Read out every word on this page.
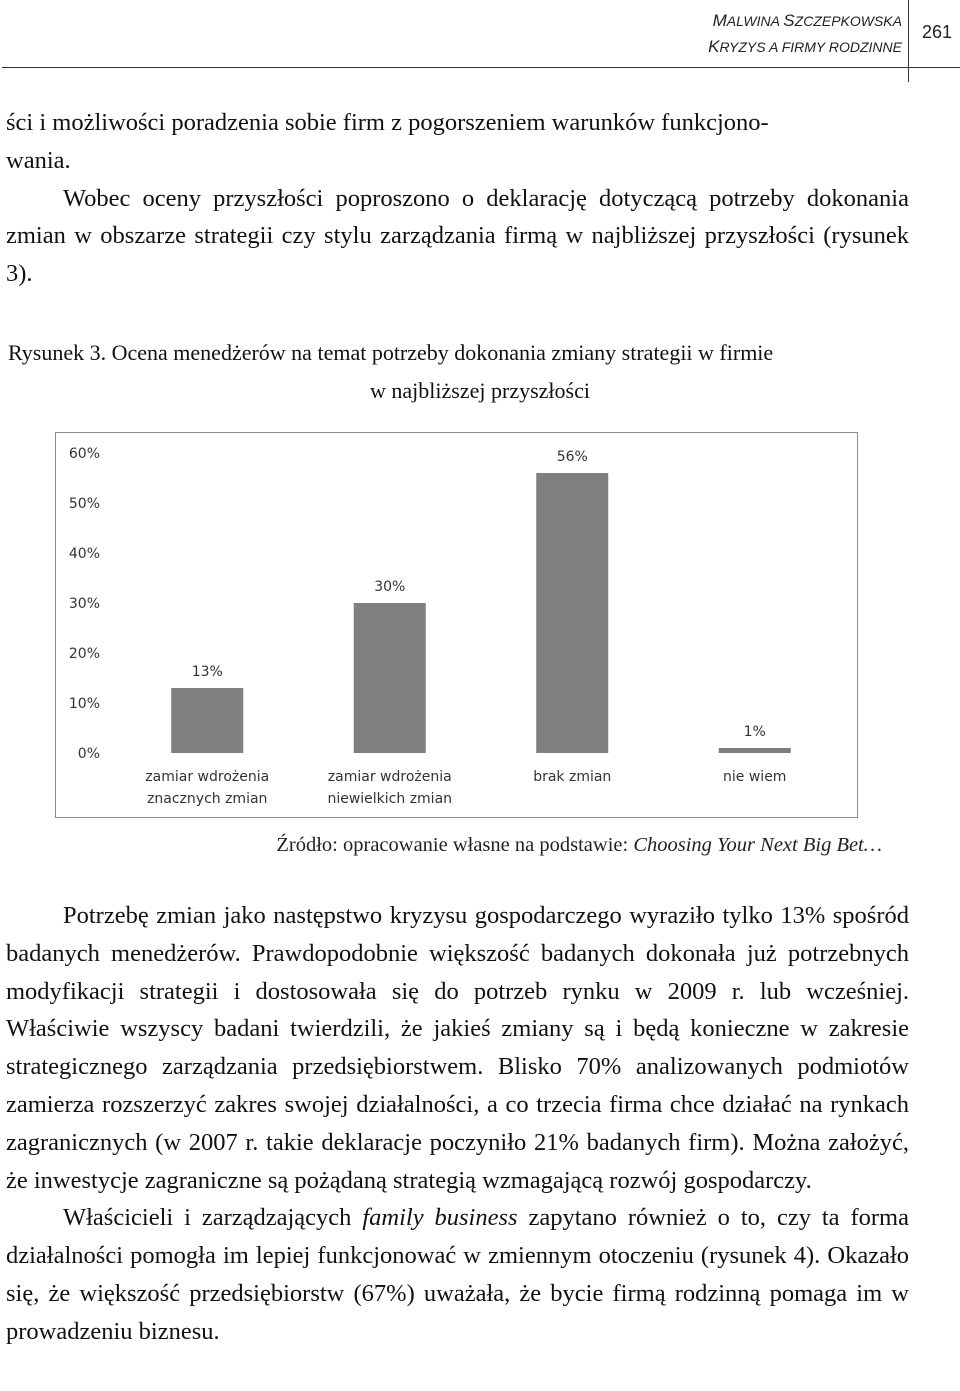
MALWINA SZCZEPKOWSKA
KRYZYS A FIRMY RODZINNE
261

ści i możliwości poradzenia sobie firm z pogorszeniem warunków funkcjono-
wania.

Wobec oceny przyszłości poproszono o deklarację dotyczącą potrzeby dokonania zmian w obszarze strategii czy stylu zarządzania firmą w najbliższej przyszłości (rysunek 3).

Rysunek 3. Ocena menedżerów na temat potrzeby dokonania zmiany strategii w firmie
w najbliższej przyszłości
0%
10%
20%
30%
40%
50%
60%
13%
zamiar wdrożenia
znacznych zmian
30%
zamiar wdrożenia
niewielkich zmian
56%
brak zmian
1%
nie wiem
Źródło: opracowanie własne na podstawie: Choosing Your Next Big Bet…

Potrzebę zmian jako następstwo kryzysu gospodarczego wyraziło tylko 13% spośród badanych menedżerów. Prawdopodobnie większość badanych dokonała już potrzebnych modyfikacji strategii i dostosowała się do potrzeb rynku w 2009 r. lub wcześniej. Właściwie wszyscy badani twierdzili, że jakieś zmiany są i będą konieczne w zakresie strategicznego zarządzania przedsiębiorstwem. Blisko 70% analizowanych podmiotów zamierza rozszerzyć zakres swojej działalności, a co trzecia firma chce działać na rynkach zagranicznych (w 2007 r. takie deklaracje poczyniło 21% badanych firm). Można założyć, że inwestycje zagraniczne są pożądaną strategią wzmagającą rozwój gospodarczy.

Właścicieli i zarządzających family business zapytano również o to, czy ta forma działalności pomogła im lepiej funkcjonować w zmiennym otoczeniu (rysunek 4). Okazało się, że większość przedsiębiorstw (67%) uważała, że bycie firmą rodzinną pomaga im w prowadzeniu biznesu.
